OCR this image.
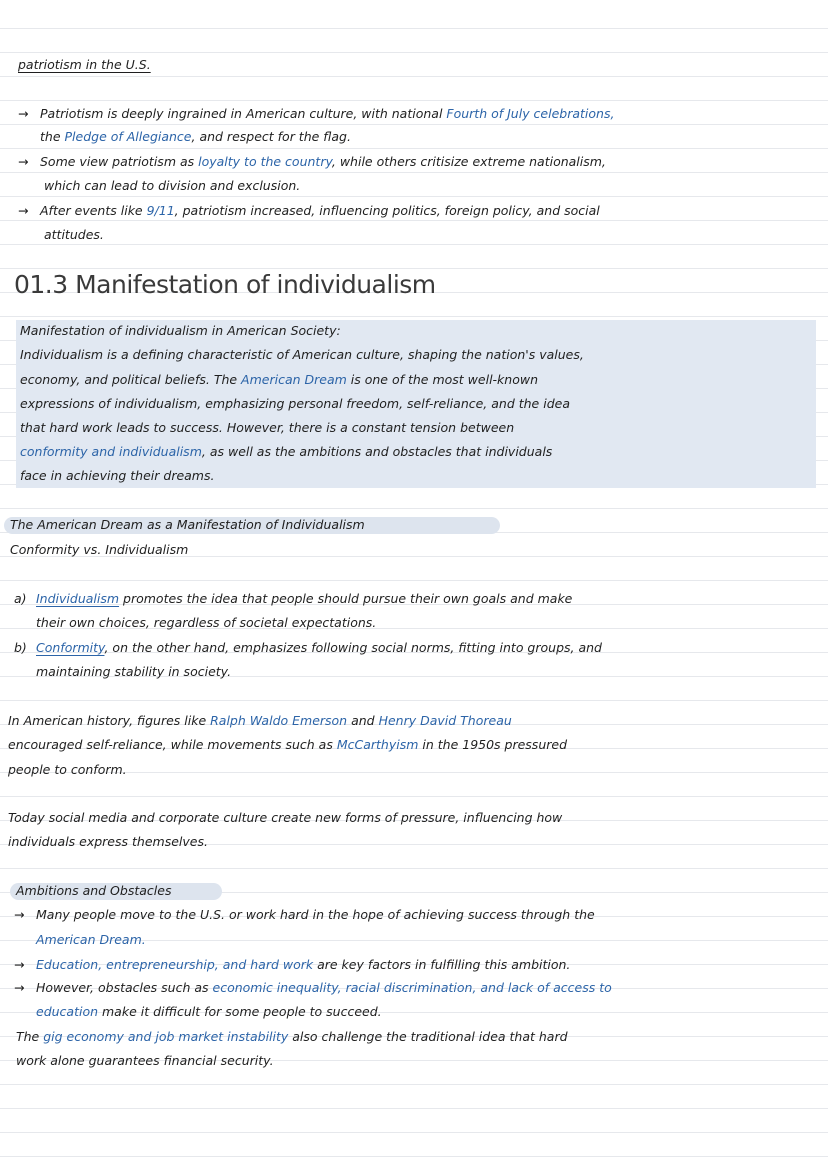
patriotism in the U.S.
→ Patriotism is deeply ingrained in American culture, with national Fourth of July celebrations,
the Pledge of Allegiance, and respect for the flag.
→ Some view patriotism as loyalty to the country, while others critisize extreme nationalism,
which can lead to division and exclusion.
→ After events like 9/11, patriotism increased, influencing politics, foreign policy, and social
attitudes.
01.3 Manifestation of individualism
Manifestation of individualism in American Society:
Individualism is a defining characteristic of American culture, shaping the nation's values,
economy, and political beliefs. The American Dream is one of the most well-known
expressions of individualism, emphasizing personal freedom, self-reliance, and the idea
that hard work leads to success. However, there is a constant tension between
conformity and individualism, as well as the ambitions and obstacles that individuals
face in achieving their dreams.
The American Dream as a Manifestation of Individualism
Conformity vs. Individualism
a) Individualism promotes the idea that people should pursue their own goals and make
their own choices, regardless of societal expectations.
b) Conformity, on the other hand, emphasizes following social norms, fitting into groups, and
maintaining stability in society.
In American history, figures like Ralph Waldo Emerson and Henry David Thoreau
encouraged self-reliance, while movements such as McCarthyism in the 1950s pressured
people to conform.
Today social media and corporate culture create new forms of pressure, influencing how
individuals express themselves.
Ambitions and Obstacles
→ Many people move to the U.S. or work hard in the hope of achieving success through the
American Dream.
→ Education, entrepreneurship, and hard work are key factors in fulfilling this ambition.
→ However, obstacles such as economic inequality, racial discrimination, and lack of access to
education make it difficult for some people to succeed.
The gig economy and job market instability also challenge the traditional idea that hard
work alone guarantees financial security.
